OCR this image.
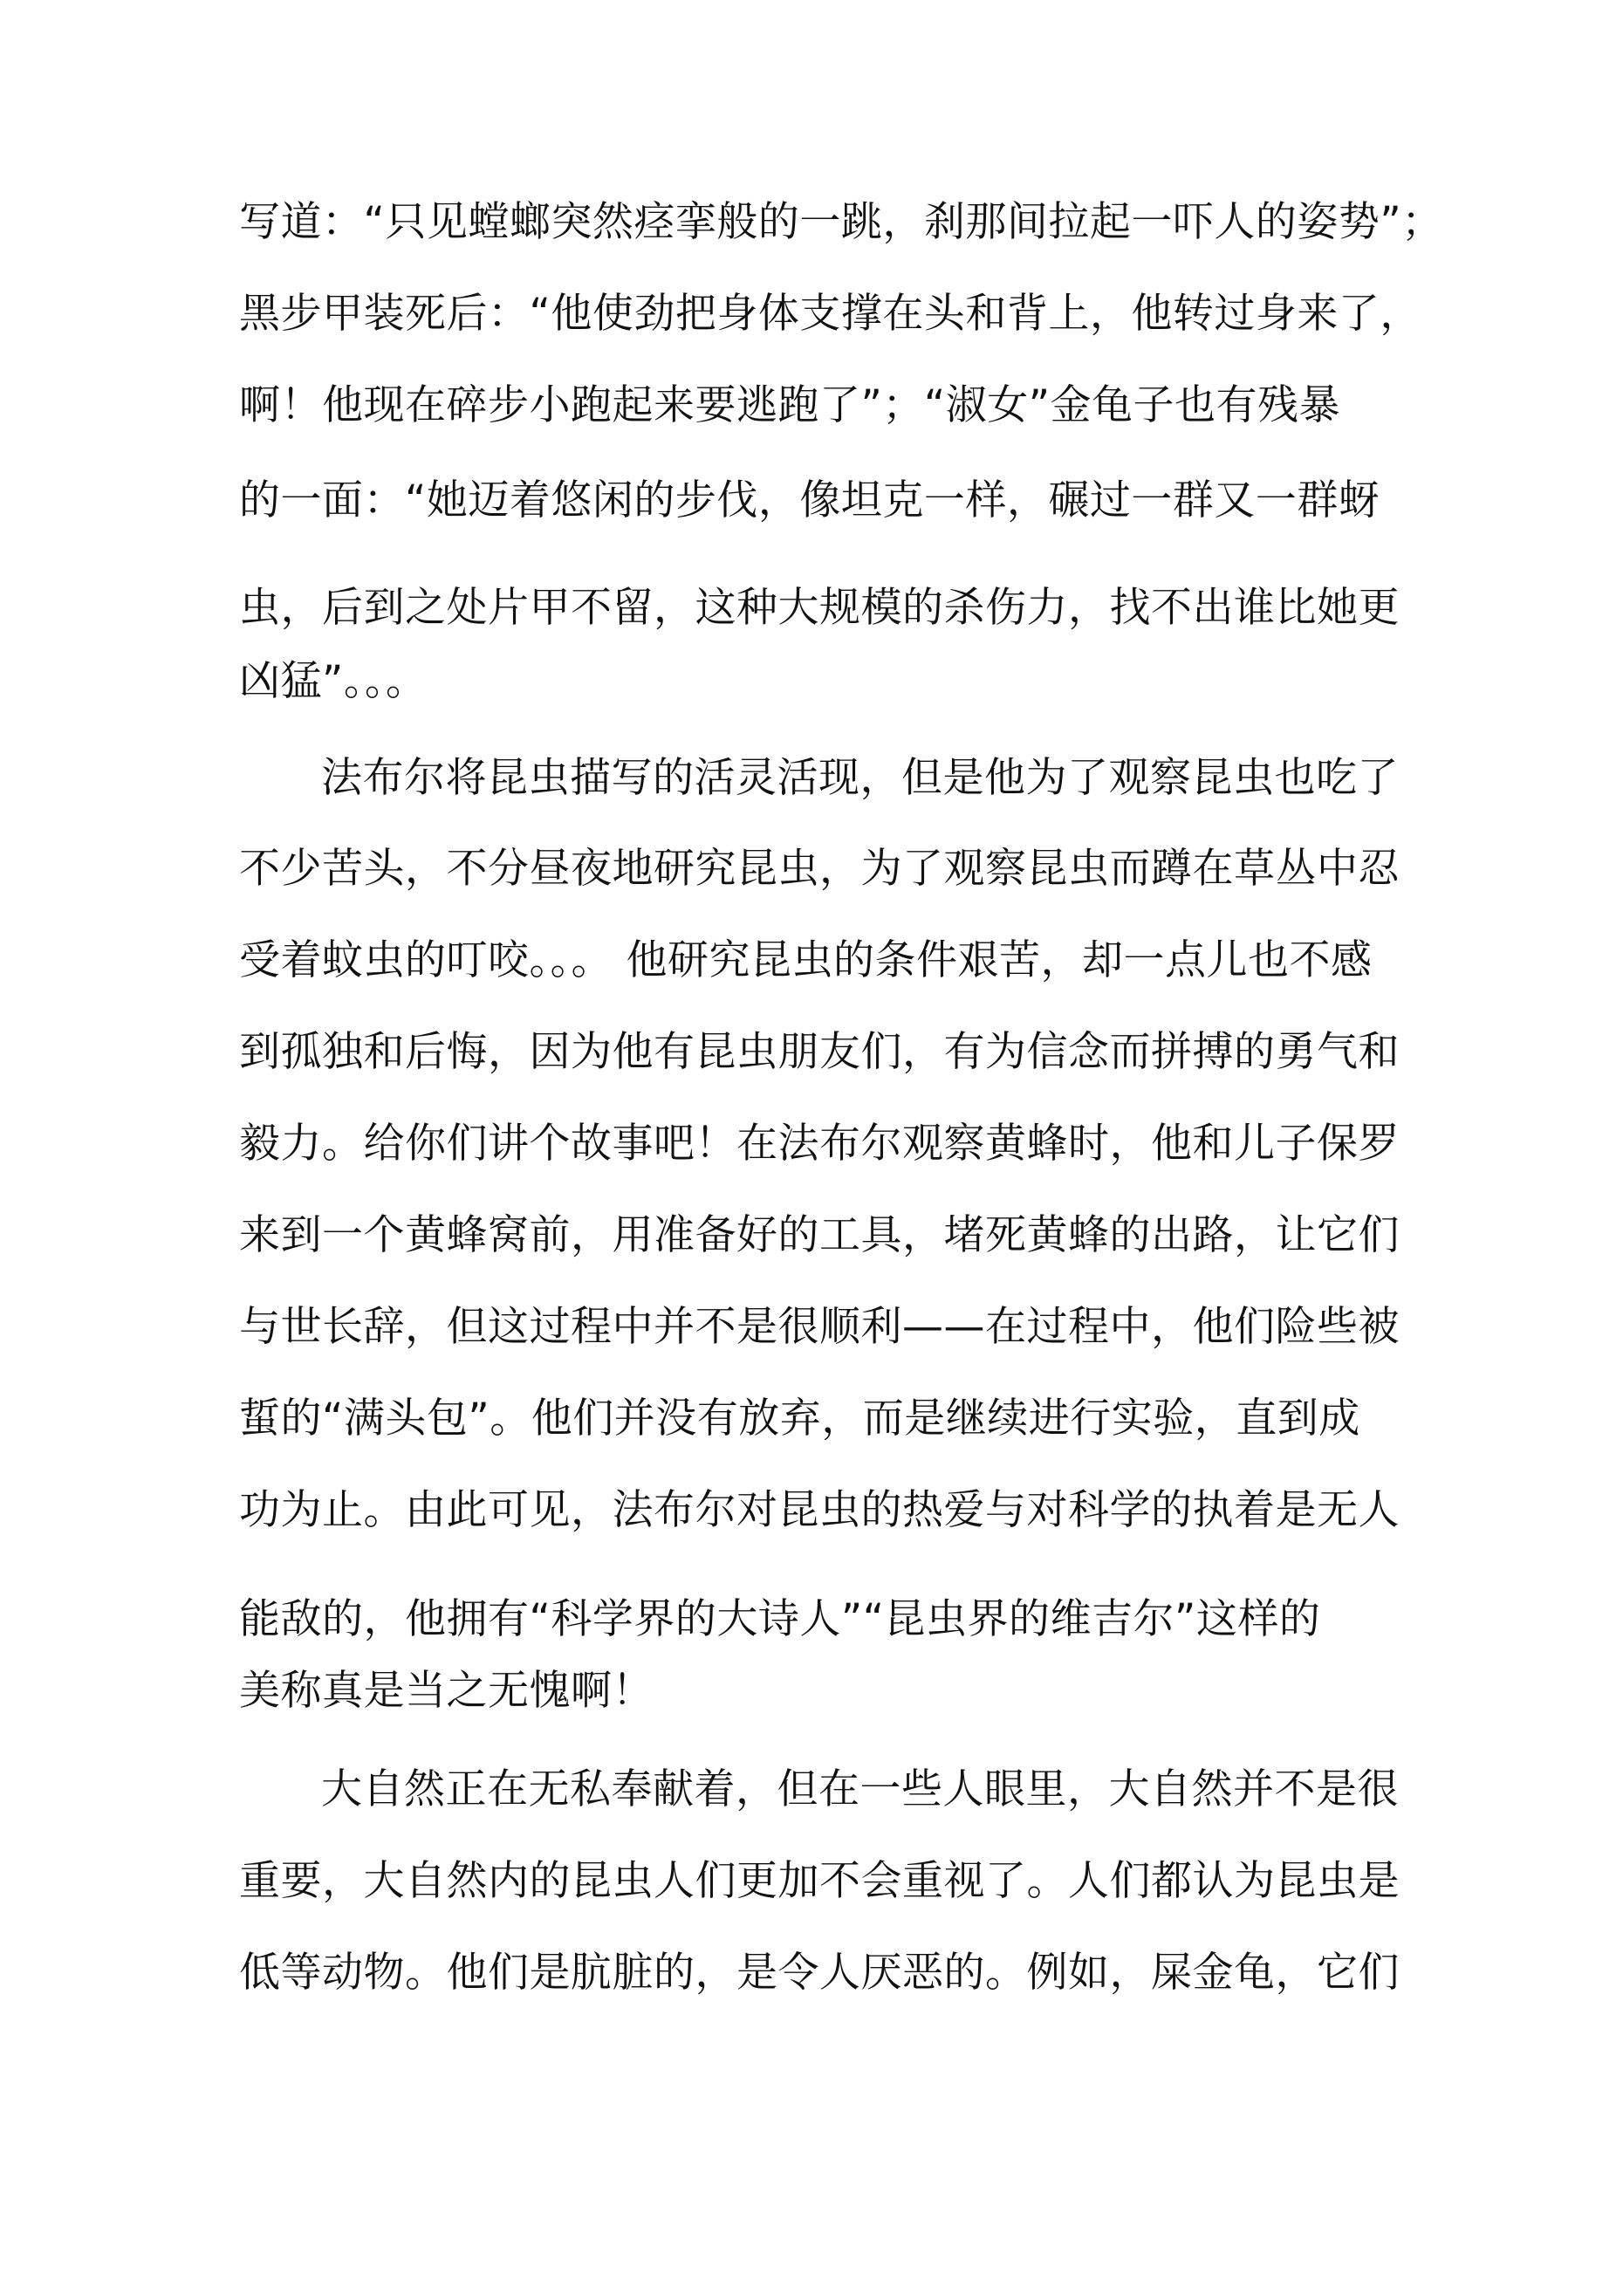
写道：“只见螳螂突然痉挛般的一跳，刹那间拉起一吓人的姿势”；
黑步甲装死后：“他使劲把身体支撑在头和背上，他转过身来了，
啊！他现在碎步小跑起来要逃跑了”；“淑女”金龟子也有残暴
的一面：“她迈着悠闲的步伐，像坦克一样，碾过一群又一群蚜
虫，后到之处片甲不留，这种大规模的杀伤力，找不出谁比她更
凶猛”。。。
法布尔将昆虫描写的活灵活现，但是他为了观察昆虫也吃了
不少苦头，不分昼夜地研究昆虫，为了观察昆虫而蹲在草丛中忍
受着蚊虫的叮咬。。。 他研究昆虫的条件艰苦，却一点儿也不感
到孤独和后悔，因为他有昆虫朋友们，有为信念而拼搏的勇气和
毅力。给你们讲个故事吧！在法布尔观察黄蜂时，他和儿子保罗
来到一个黄蜂窝前，用准备好的工具，堵死黄蜂的出路，让它们
与世长辞，但这过程中并不是很顺利——在过程中，他们险些被
蜇的“满头包”。他们并没有放弃，而是继续进行实验，直到成
功为止。由此可见，法布尔对昆虫的热爱与对科学的执着是无人
能敌的，他拥有“科学界的大诗人”“昆虫界的维吉尔”这样的
美称真是当之无愧啊！
大自然正在无私奉献着，但在一些人眼里，大自然并不是很
重要，大自然内的昆虫人们更加不会重视了。人们都认为昆虫是
低等动物。他们是肮脏的，是令人厌恶的。例如，屎金龟，它们
